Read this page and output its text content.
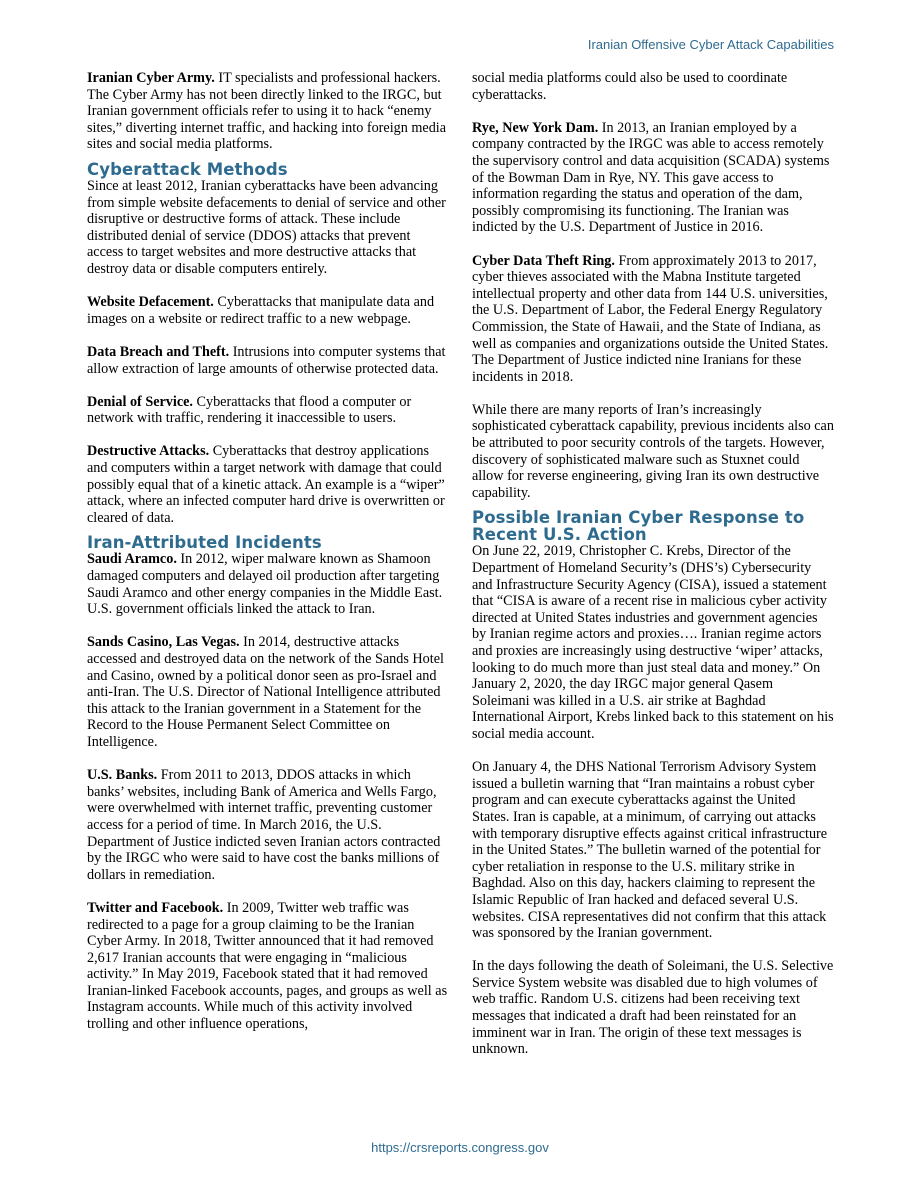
Iranian Offensive Cyber Attack Capabilities

Iranian Cyber Army. IT specialists and professional hackers. The Cyber Army has not been directly linked to the IRGC, but Iranian government officials refer to using it to hack “enemy sites,” diverting internet traffic, and hacking into foreign media sites and social media platforms.

Cyberattack Methods

Since at least 2012, Iranian cyberattacks have been advancing from simple website defacements to denial of service and other disruptive or destructive forms of attack. These include distributed denial of service (DDOS) attacks that prevent access to target websites and more destructive attacks that destroy data or disable computers entirely.

Website Defacement. Cyberattacks that manipulate data and images on a website or redirect traffic to a new webpage.

Data Breach and Theft. Intrusions into computer systems that allow extraction of large amounts of otherwise protected data.

Denial of Service. Cyberattacks that flood a computer or network with traffic, rendering it inaccessible to users.

Destructive Attacks. Cyberattacks that destroy applications and computers within a target network with damage that could possibly equal that of a kinetic attack. An example is a “wiper” attack, where an infected computer hard drive is overwritten or cleared of data.

Iran-Attributed Incidents

Saudi Aramco. In 2012, wiper malware known as Shamoon damaged computers and delayed oil production after targeting Saudi Aramco and other energy companies in the Middle East. U.S. government officials linked the attack to Iran.

Sands Casino, Las Vegas. In 2014, destructive attacks accessed and destroyed data on the network of the Sands Hotel and Casino, owned by a political donor seen as pro-Israel and anti-Iran. The U.S. Director of National Intelligence attributed this attack to the Iranian government in a Statement for the Record to the House Permanent Select Committee on Intelligence.

U.S. Banks. From 2011 to 2013, DDOS attacks in which banks’ websites, including Bank of America and Wells Fargo, were overwhelmed with internet traffic, preventing customer access for a period of time. In March 2016, the U.S. Department of Justice indicted seven Iranian actors contracted by the IRGC who were said to have cost the banks millions of dollars in remediation.

Twitter and Facebook. In 2009, Twitter web traffic was redirected to a page for a group claiming to be the Iranian Cyber Army. In 2018, Twitter announced that it had removed 2,617 Iranian accounts that were engaging in “malicious activity.” In May 2019, Facebook stated that it had removed Iranian-linked Facebook accounts, pages, and groups as well as Instagram accounts. While much of this activity involved trolling and other influence operations,

social media platforms could also be used to coordinate cyberattacks.

Rye, New York Dam. In 2013, an Iranian employed by a company contracted by the IRGC was able to access remotely the supervisory control and data acquisition (SCADA) systems of the Bowman Dam in Rye, NY. This gave access to information regarding the status and operation of the dam, possibly compromising its functioning. The Iranian was indicted by the U.S. Department of Justice in 2016.

Cyber Data Theft Ring. From approximately 2013 to 2017, cyber thieves associated with the Mabna Institute targeted intellectual property and other data from 144 U.S. universities, the U.S. Department of Labor, the Federal Energy Regulatory Commission, the State of Hawaii, and the State of Indiana, as well as companies and organizations outside the United States. The Department of Justice indicted nine Iranians for these incidents in 2018.

While there are many reports of Iran’s increasingly sophisticated cyberattack capability, previous incidents also can be attributed to poor security controls of the targets. However, discovery of sophisticated malware such as Stuxnet could allow for reverse engineering, giving Iran its own destructive capability.

Possible Iranian Cyber Response to Recent U.S. Action

On June 22, 2019, Christopher C. Krebs, Director of the Department of Homeland Security’s (DHS’s) Cybersecurity and Infrastructure Security Agency (CISA), issued a statement that “CISA is aware of a recent rise in malicious cyber activity directed at United States industries and government agencies by Iranian regime actors and proxies…. Iranian regime actors and proxies are increasingly using destructive ‘wiper’ attacks, looking to do much more than just steal data and money.” On January 2, 2020, the day IRGC major general Qasem Soleimani was killed in a U.S. air strike at Baghdad International Airport, Krebs linked back to this statement on his social media account.

On January 4, the DHS National Terrorism Advisory System issued a bulletin warning that “Iran maintains a robust cyber program and can execute cyberattacks against the United States. Iran is capable, at a minimum, of carrying out attacks with temporary disruptive effects against critical infrastructure in the United States.” The bulletin warned of the potential for cyber retaliation in response to the U.S. military strike in Baghdad. Also on this day, hackers claiming to represent the Islamic Republic of Iran hacked and defaced several U.S. websites. CISA representatives did not confirm that this attack was sponsored by the Iranian government.

In the days following the death of Soleimani, the U.S. Selective Service System website was disabled due to high volumes of web traffic. Random U.S. citizens had been receiving text messages that indicated a draft had been reinstated for an imminent war in Iran. The origin of these text messages is unknown.

https://crsreports.congress.gov
